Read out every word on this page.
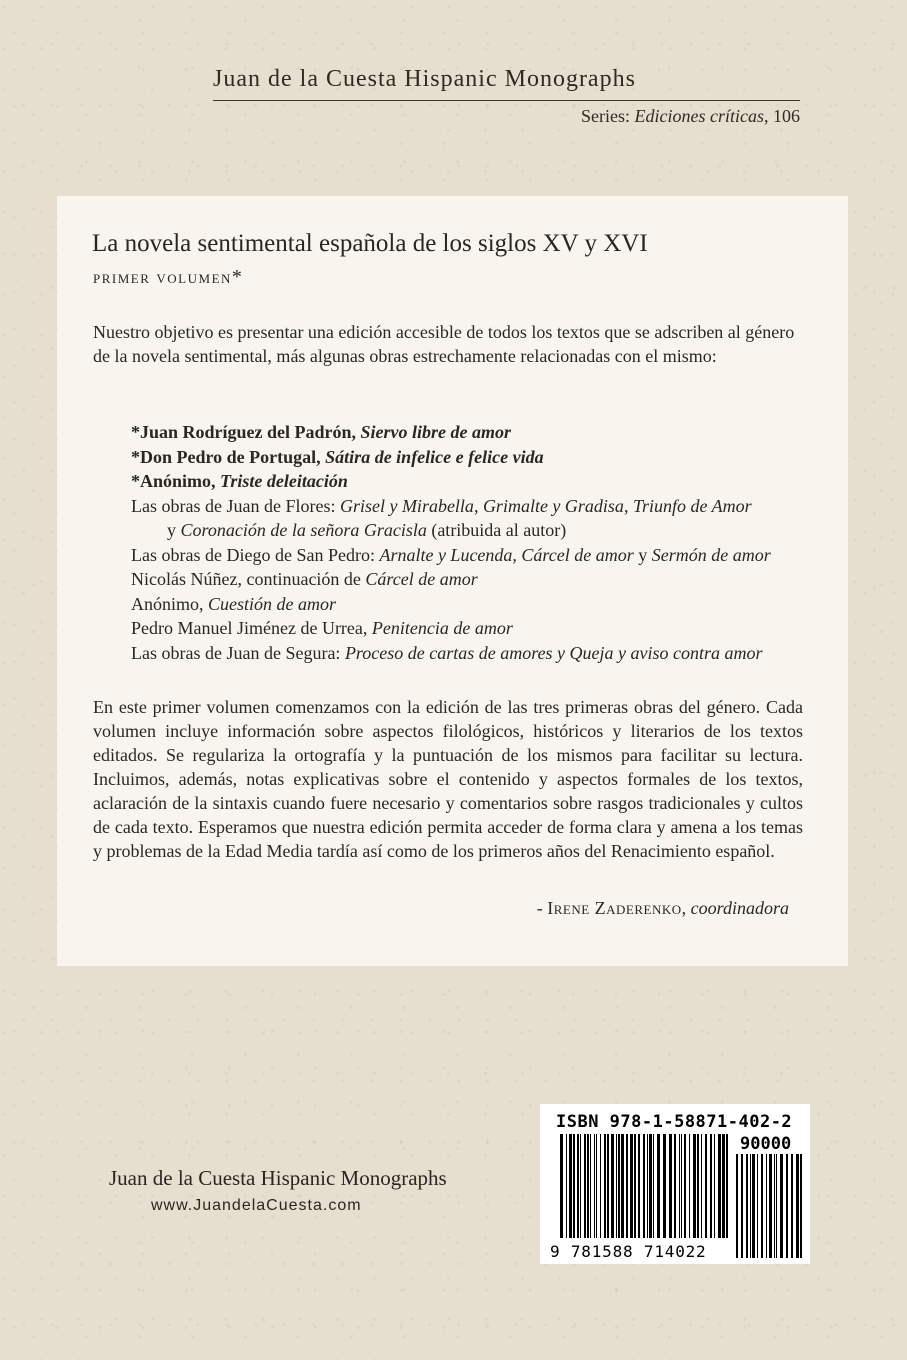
Juan de la Cuesta Hispanic Monographs
Series: Ediciones críticas, 106
La novela sentimental española de los siglos XV y XVI
primer volumen*

Nuestro objetivo es presentar una edición accesible de todos los textos que se adscriben al género de la novela sentimental, más algunas obras estrechamente relacionadas con el mismo:

*Juan Rodríguez del Padrón, Siervo libre de amor

*Don Pedro de Portugal, Sátira de infelice e felice vida

*Anónimo, Triste deleitación

Las obras de Juan de Flores: Grisel y Mirabella, Grimalte y Gradisa, Triunfo de Amor

y Coronación de la señora Gracisla (atribuida al autor)

Las obras de Diego de San Pedro: Arnalte y Lucenda, Cárcel de amor y Sermón de amor

Nicolás Núñez, continuación de Cárcel de amor

Anónimo, Cuestión de amor

Pedro Manuel Jiménez de Urrea, Penitencia de amor

Las obras de Juan de Segura: Proceso de cartas de amores y Queja y aviso contra amor

En este primer volumen comenzamos con la edición de las tres primeras obras del género. Cada volumen incluye información sobre aspectos filológicos, históricos y literarios de los textos editados. Se regulariza la ortografía y la puntuación de los mismos para facilitar su lectura. Incluimos, además, notas explicativas sobre el contenido y aspectos formales de los textos, aclaración de la sintaxis cuando fuere necesario y comentarios sobre rasgos tradicionales y cultos de cada texto. Esperamos que nuestra edición permita acceder de forma clara y amena a los temas y problemas de la Edad Media tardía así como de los primeros años del Renacimiento español.

- Irene Zaderenko, coordinadora
Juan de la Cuesta Hispanic Monographs
www.JuandelaCuesta.com
ISBN 978-1-58871-402-2
90000
9 781588 714022
